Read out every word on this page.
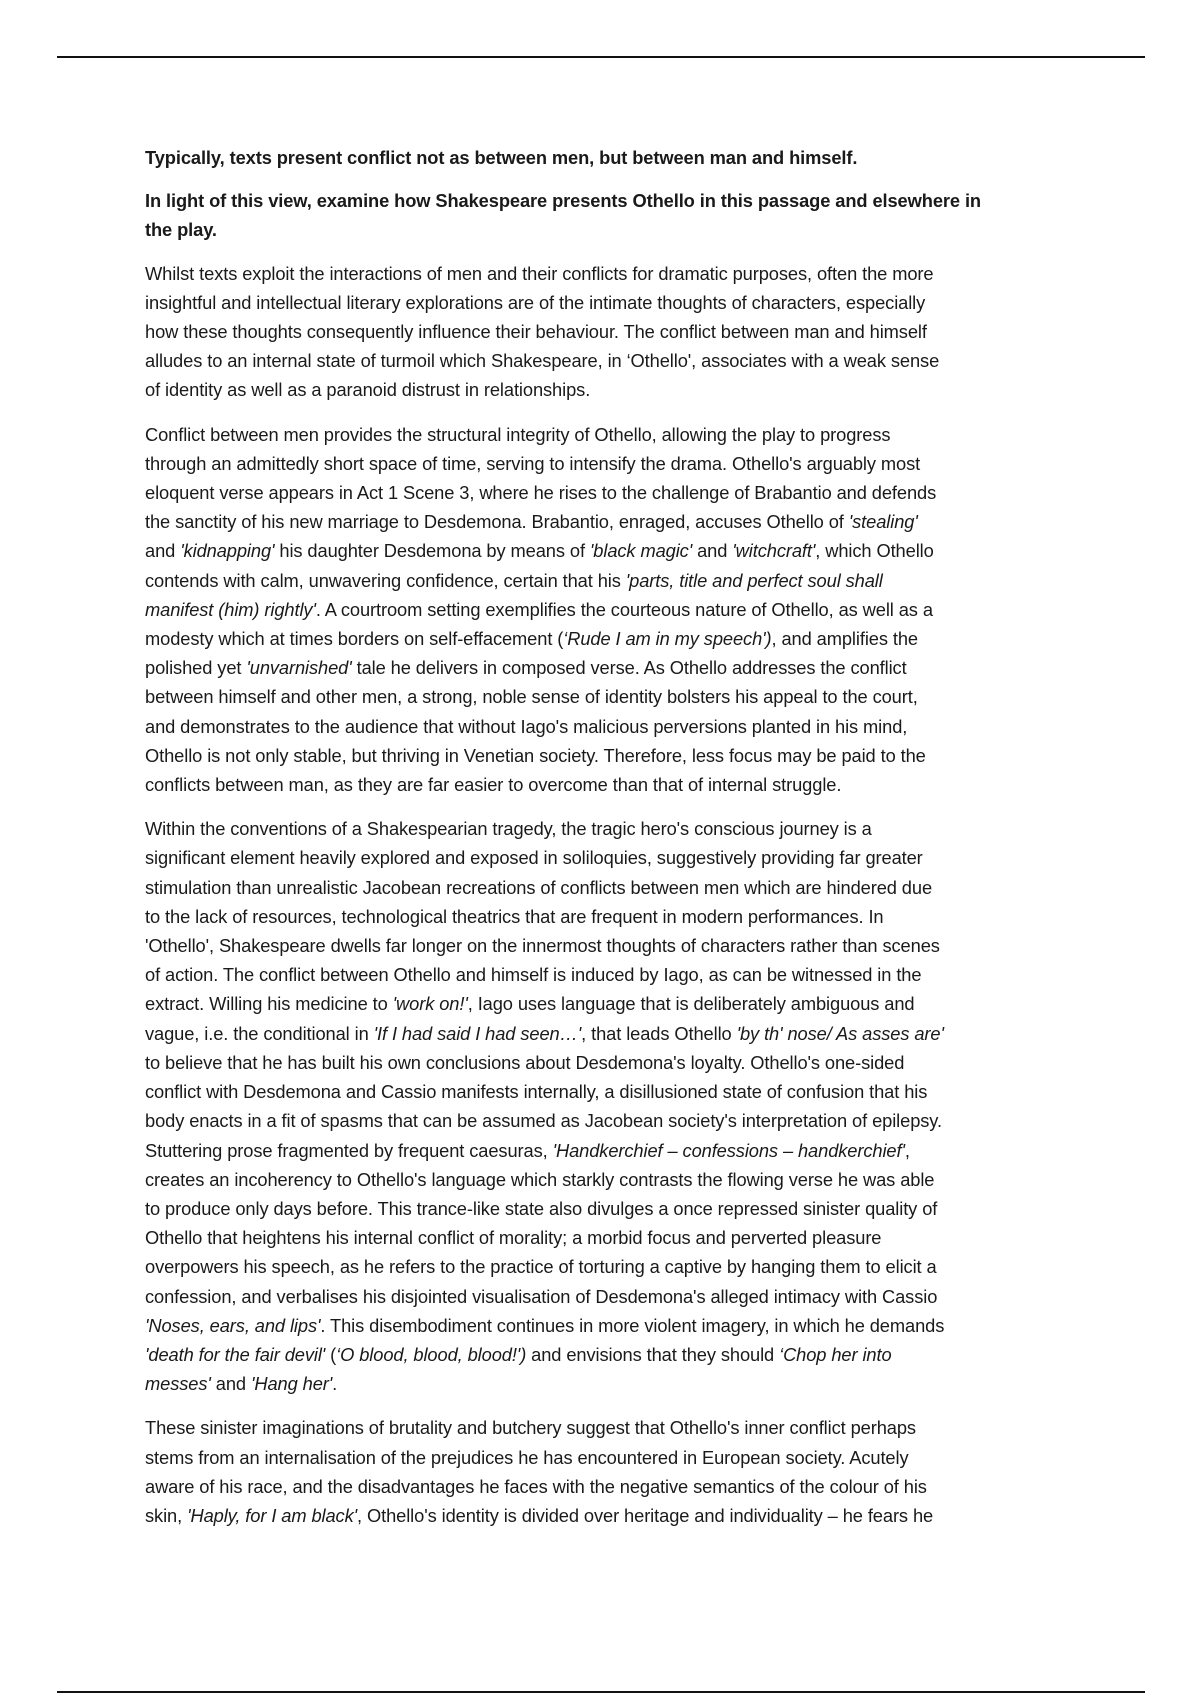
Typically, texts present conflict not as between men, but between man and himself.

In light of this view, examine how Shakespeare presents Othello in this passage and elsewhere in
the play.

Whilst texts exploit the interactions of men and their conflicts for dramatic purposes, often the more
insightful and intellectual literary explorations are of the intimate thoughts of characters, especially
how these thoughts consequently influence their behaviour. The conflict between man and himself
alludes to an internal state of turmoil which Shakespeare, in ‘Othello', associates with a weak sense
of identity as well as a paranoid distrust in relationships.

Conflict between men provides the structural integrity of Othello, allowing the play to progress
through an admittedly short space of time, serving to intensify the drama. Othello's arguably most
eloquent verse appears in Act 1 Scene 3, where he rises to the challenge of Brabantio and defends
the sanctity of his new marriage to Desdemona. Brabantio, enraged, accuses Othello of 'stealing'
and 'kidnapping' his daughter Desdemona by means of 'black magic' and 'witchcraft', which Othello
contends with calm, unwavering confidence, certain that his 'parts, title and perfect soul shall
manifest (him) rightly'. A courtroom setting exemplifies the courteous nature of Othello, as well as a
modesty which at times borders on self-effacement (‘Rude I am in my speech'), and amplifies the
polished yet 'unvarnished' tale he delivers in composed verse. As Othello addresses the conflict
between himself and other men, a strong, noble sense of identity bolsters his appeal to the court,
and demonstrates to the audience that without Iago's malicious perversions planted in his mind,
Othello is not only stable, but thriving in Venetian society. Therefore, less focus may be paid to the
conflicts between man, as they are far easier to overcome than that of internal struggle.

Within the conventions of a Shakespearian tragedy, the tragic hero's conscious journey is a
significant element heavily explored and exposed in soliloquies, suggestively providing far greater
stimulation than unrealistic Jacobean recreations of conflicts between men which are hindered due
to the lack of resources, technological theatrics that are frequent in modern performances. In
'Othello', Shakespeare dwells far longer on the innermost thoughts of characters rather than scenes
of action. The conflict between Othello and himself is induced by Iago, as can be witnessed in the
extract. Willing his medicine to 'work on!', Iago uses language that is deliberately ambiguous and
vague, i.e. the conditional in 'If I had said I had seen…', that leads Othello 'by th' nose/ As asses are'
to believe that he has built his own conclusions about Desdemona's loyalty. Othello's one-sided
conflict with Desdemona and Cassio manifests internally, a disillusioned state of confusion that his
body enacts in a fit of spasms that can be assumed as Jacobean society's interpretation of epilepsy.
Stuttering prose fragmented by frequent caesuras, 'Handkerchief – confessions – handkerchief',
creates an incoherency to Othello's language which starkly contrasts the flowing verse he was able
to produce only days before. This trance-like state also divulges a once repressed sinister quality of
Othello that heightens his internal conflict of morality; a morbid focus and perverted pleasure
overpowers his speech, as he refers to the practice of torturing a captive by hanging them to elicit a
confession, and verbalises his disjointed visualisation of Desdemona's alleged intimacy with Cassio
'Noses, ears, and lips'. This disembodiment continues in more violent imagery, in which he demands
'death for the fair devil' (‘O blood, blood, blood!') and envisions that they should ‘Chop her into
messes' and 'Hang her'.

These sinister imaginations of brutality and butchery suggest that Othello's inner conflict perhaps
stems from an internalisation of the prejudices he has encountered in European society. Acutely
aware of his race, and the disadvantages he faces with the negative semantics of the colour of his
skin, 'Haply, for I am black', Othello's identity is divided over heritage and individuality – he fears he
